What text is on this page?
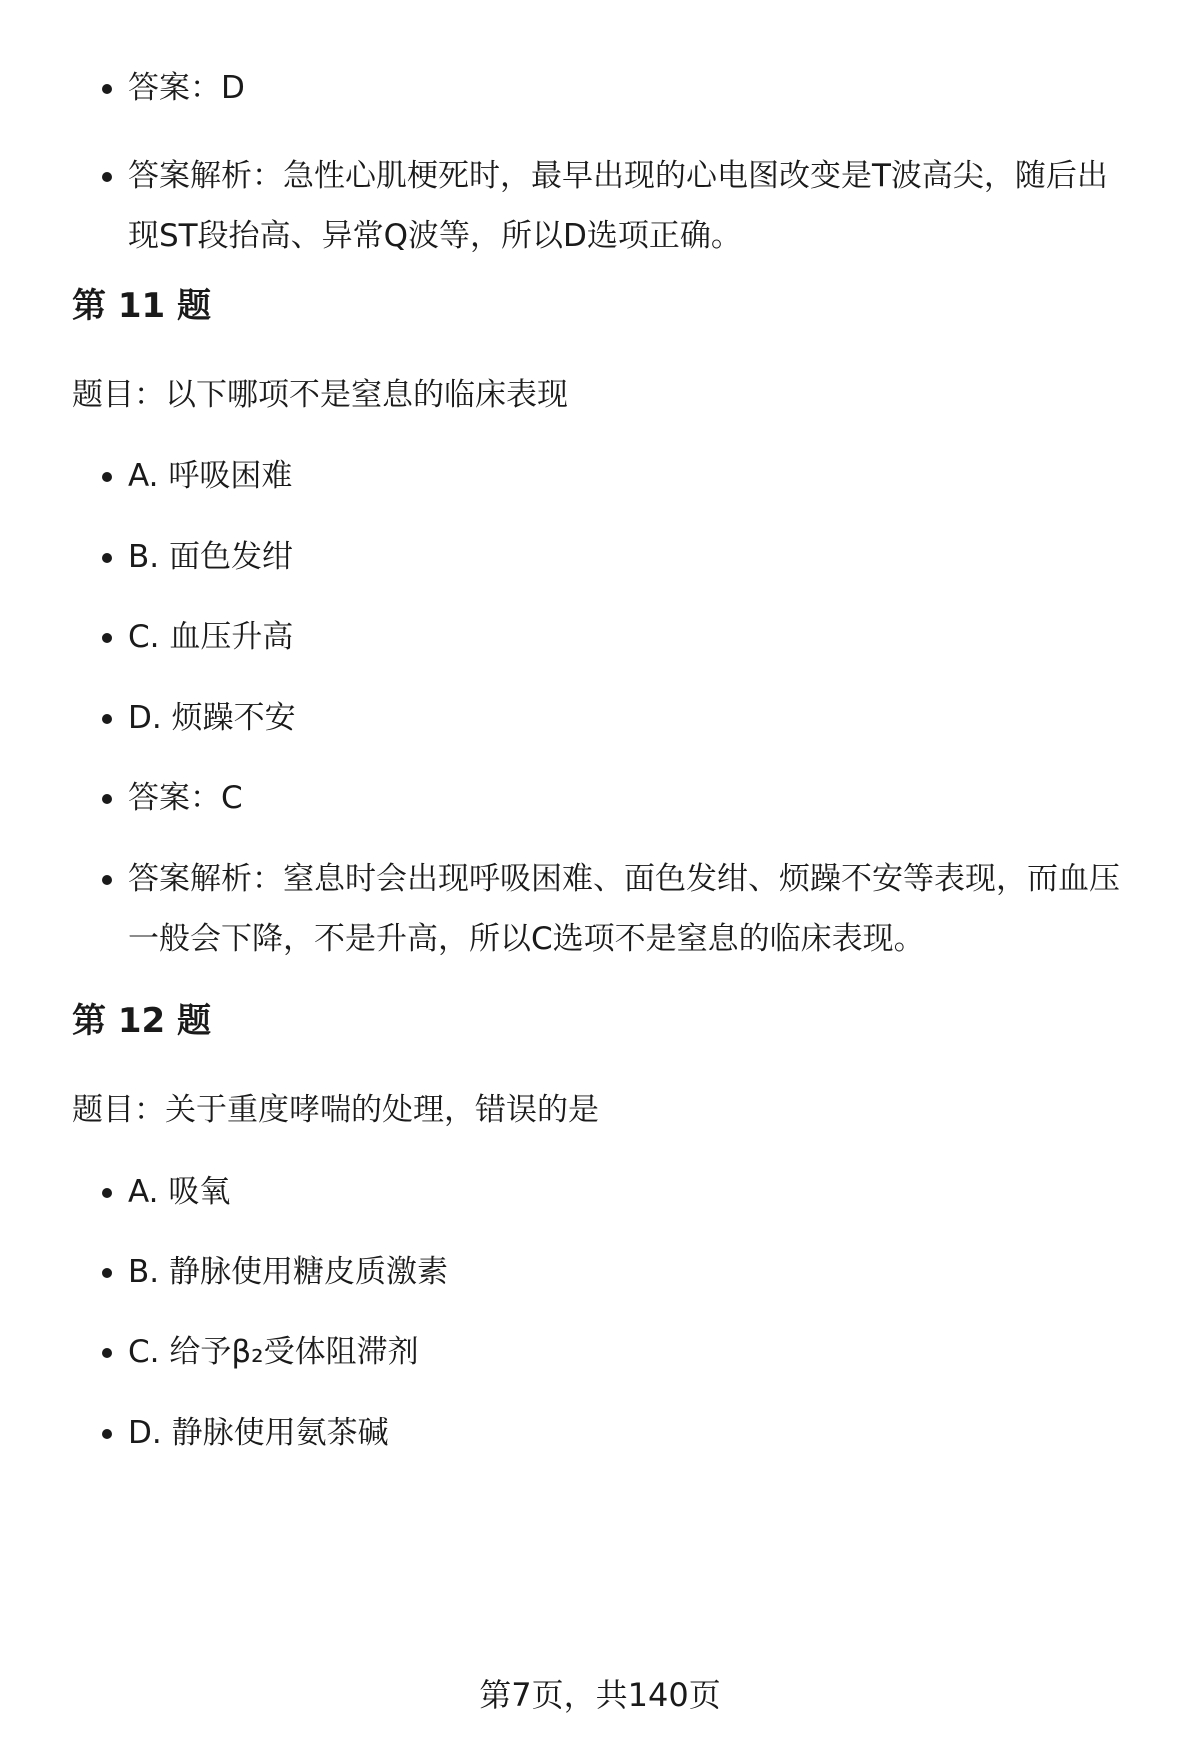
答案：D
答案解析：急性心肌梗死时，最早出现的心电图改变是T波高尖，随后出现ST段抬高、异常Q波等，所以D选项正确。
第 11 题
题目：以下哪项不是窒息的临床表现
A. 呼吸困难
B. 面色发绀
C. 血压升高
D. 烦躁不安
答案：C
答案解析：窒息时会出现呼吸困难、面色发绀、烦躁不安等表现，而血压一般会下降，不是升高，所以C选项不是窒息的临床表现。
第 12 题
题目：关于重度哮喘的处理，错误的是
A. 吸氧
B. 静脉使用糖皮质激素
C. 给予β₂受体阻滞剂
D. 静脉使用氨茶碱
第7页，共140页
